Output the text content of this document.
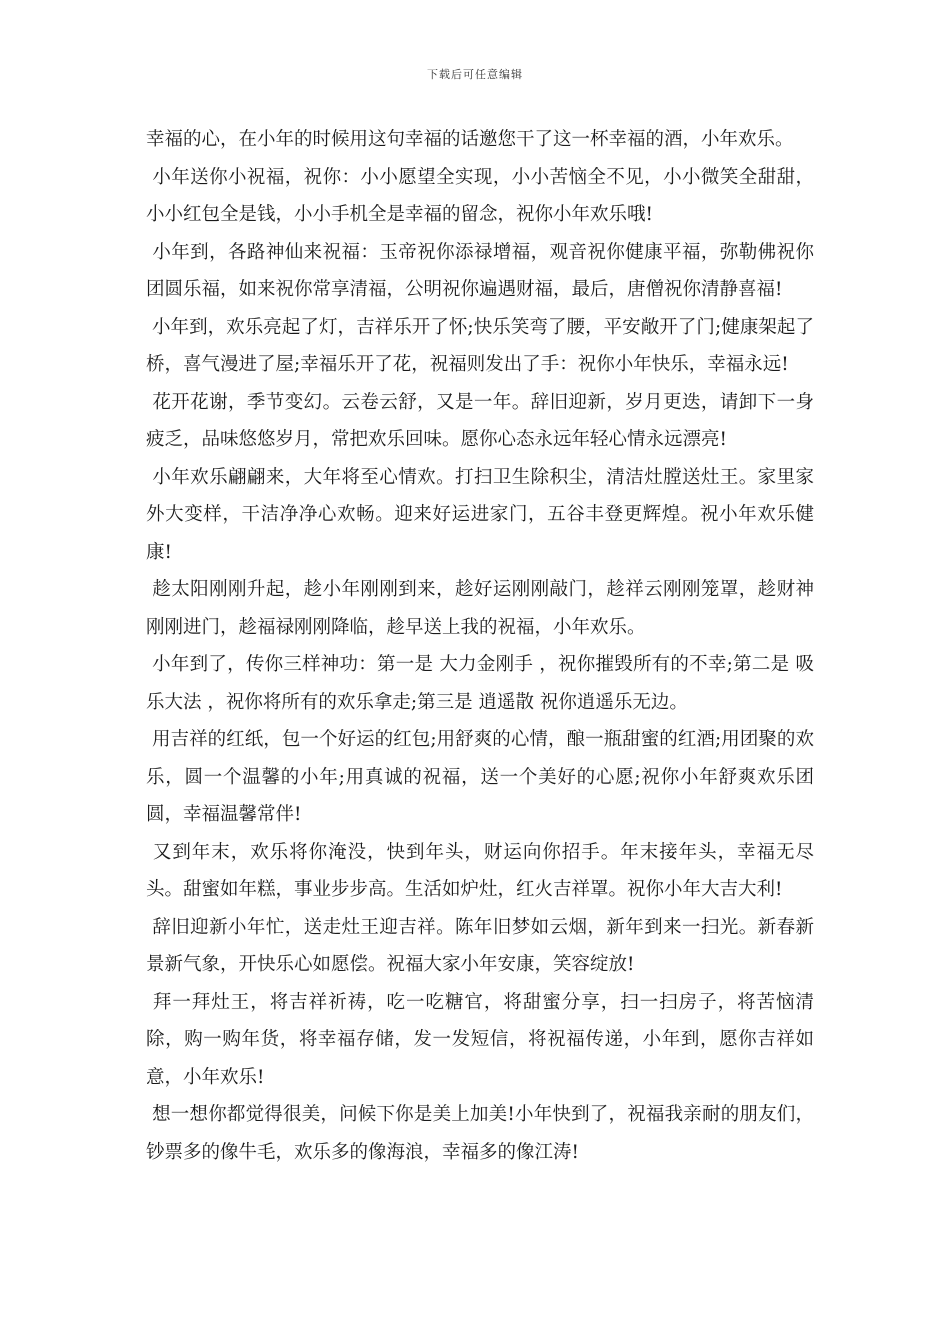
下载后可任意编辑

幸福的心，在小年的时候用这句幸福的话邀您干了这一杯幸福的酒，小年欢乐。

小年送你小祝福，祝你：小小愿望全实现，小小苦恼全不见，小小微笑全甜甜，小小红包全是钱，小小手机全是幸福的留念，祝你小年欢乐哦!

小年到，各路神仙来祝福：玉帝祝你添禄增福，观音祝你健康平福，弥勒佛祝你团圆乐福，如来祝你常享清福，公明祝你遍遇财福，最后，唐僧祝你清静喜福!

小年到，欢乐亮起了灯，吉祥乐开了怀;快乐笑弯了腰，平安敞开了门;健康架起了桥，喜气漫进了屋;幸福乐开了花，祝福则发出了手：祝你小年快乐，幸福永远!

花开花谢，季节变幻。云卷云舒，又是一年。辞旧迎新，岁月更迭，请卸下一身疲乏，品味悠悠岁月，常把欢乐回味。愿你心态永远年轻心情永远漂亮!

小年欢乐翩翩来，大年将至心情欢。打扫卫生除积尘，清洁灶膛送灶王。家里家外大变样，干洁净净心欢畅。迎来好运进家门，五谷丰登更辉煌。祝小年欢乐健康!

趁太阳刚刚升起，趁小年刚刚到来，趁好运刚刚敲门，趁祥云刚刚笼罩，趁财神刚刚进门，趁福禄刚刚降临，趁早送上我的祝福，小年欢乐。

小年到了，传你三样神功：第一是 大力金刚手 ，祝你摧毁所有的不幸;第二是 吸乐大法 ，祝你将所有的欢乐拿走;第三是 逍遥散 祝你逍遥乐无边。

用吉祥的红纸，包一个好运的红包;用舒爽的心情，酿一瓶甜蜜的红酒;用团聚的欢乐，圆一个温馨的小年;用真诚的祝福，送一个美好的心愿;祝你小年舒爽欢乐团圆，幸福温馨常伴!

又到年末，欢乐将你淹没，快到年头，财运向你招手。年末接年头，幸福无尽头。甜蜜如年糕，事业步步高。生活如炉灶，红火吉祥罩。祝你小年大吉大利!

辞旧迎新小年忙，送走灶王迎吉祥。陈年旧梦如云烟，新年到来一扫光。新春新景新气象，开快乐心如愿偿。祝福大家小年安康，笑容绽放!

拜一拜灶王，将吉祥祈祷，吃一吃糖官，将甜蜜分享，扫一扫房子，将苦恼清除，购一购年货，将幸福存储，发一发短信，将祝福传递，小年到，愿你吉祥如意，小年欢乐!

想一想你都觉得很美，问候下你是美上加美!小年快到了，祝福我亲耐的朋友们，钞票多的像牛毛，欢乐多的像海浪，幸福多的像江涛!
